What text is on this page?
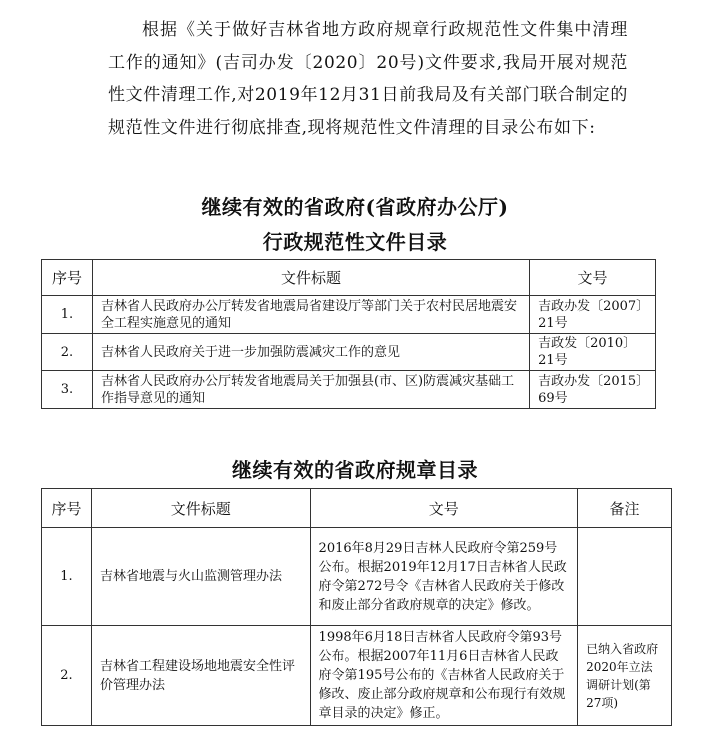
根据《关于做好吉林省地方政府规章行政规范性文件集中清理工作的通知》(吉司办发〔2020〕20号)文件要求,我局开展对规范性文件清理工作,对2019年12月31日前我局及有关部门联合制定的规范性文件进行彻底排查,现将规范性文件清理的目录公布如下:

继续有效的省政府(省政府办公厅)
行政规范性文件目录
序号	文件标题	文号
1.	吉林省人民政府办公厅转发省地震局省建设厅等部门关于农村民居地震安全工程实施意见的通知	吉政办发〔2007〕21号
2.	吉林省人民政府关于进一步加强防震减灾工作的意见	吉政发〔2010〕21号
3.	吉林省人民政府办公厅转发省地震局关于加强县(市、区)防震减灾基础工作指导意见的通知	吉政办发〔2015〕69号
继续有效的省政府规章目录
序号	文件标题	文号	备注
1.	吉林省地震与火山监测管理办法	2016年8月29日吉林人民政府令第259号公布。根据2019年12月17日吉林省人民政府令第272号令《吉林省人民政府关于修改和废止部分省政府规章的决定》修改。	
2.	吉林省工程建设场地地震安全性评价管理办法	1998年6月18日吉林省人民政府令第93号公布。根据2007年11月6日吉林省人民政府令第195号公布的《吉林省人民政府关于修改、废止部分政府规章和公布现行有效规章目录的决定》修正。	已纳入省政府2020年立法调研计划(第27项)
